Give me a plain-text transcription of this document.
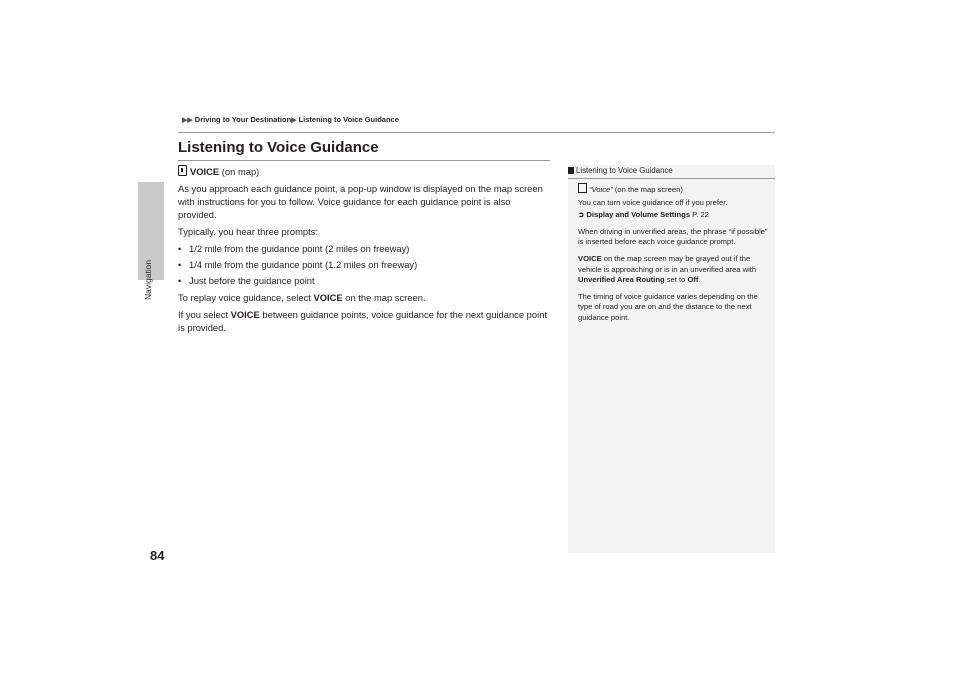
Navigation
▶▶ Driving to Your Destination▶ Listening to Voice Guidance
Listening to Voice Guidance
VOICE (on map)

As you approach each guidance point, a pop-up window is displayed on the map screen with instructions for you to follow. Voice guidance for each guidance point is also provided.

Typically, you hear three prompts:

• 1/2 mile from the guidance point (2 miles on freeway)
• 1/4 mile from the guidance point (1.2 miles on freeway)
• Just before the guidance point

To replay voice guidance, select VOICE on the map screen.

If you select VOICE between guidance points, voice guidance for the next guidance point is provided.

Listening to Voice Guidance

“Voice” (on the map screen)

You can turn voice guidance off if you prefer.

➲ Display and Volume Settings P. 22

When driving in unverified areas, the phrase “if possible” is inserted before each voice guidance prompt.

VOICE on the map screen may be grayed out if the vehicle is approaching or is in an unverified area with Unverified Area Routing set to Off.

The timing of voice guidance varies depending on the type of road you are on and the distance to the next guidance point.

84
